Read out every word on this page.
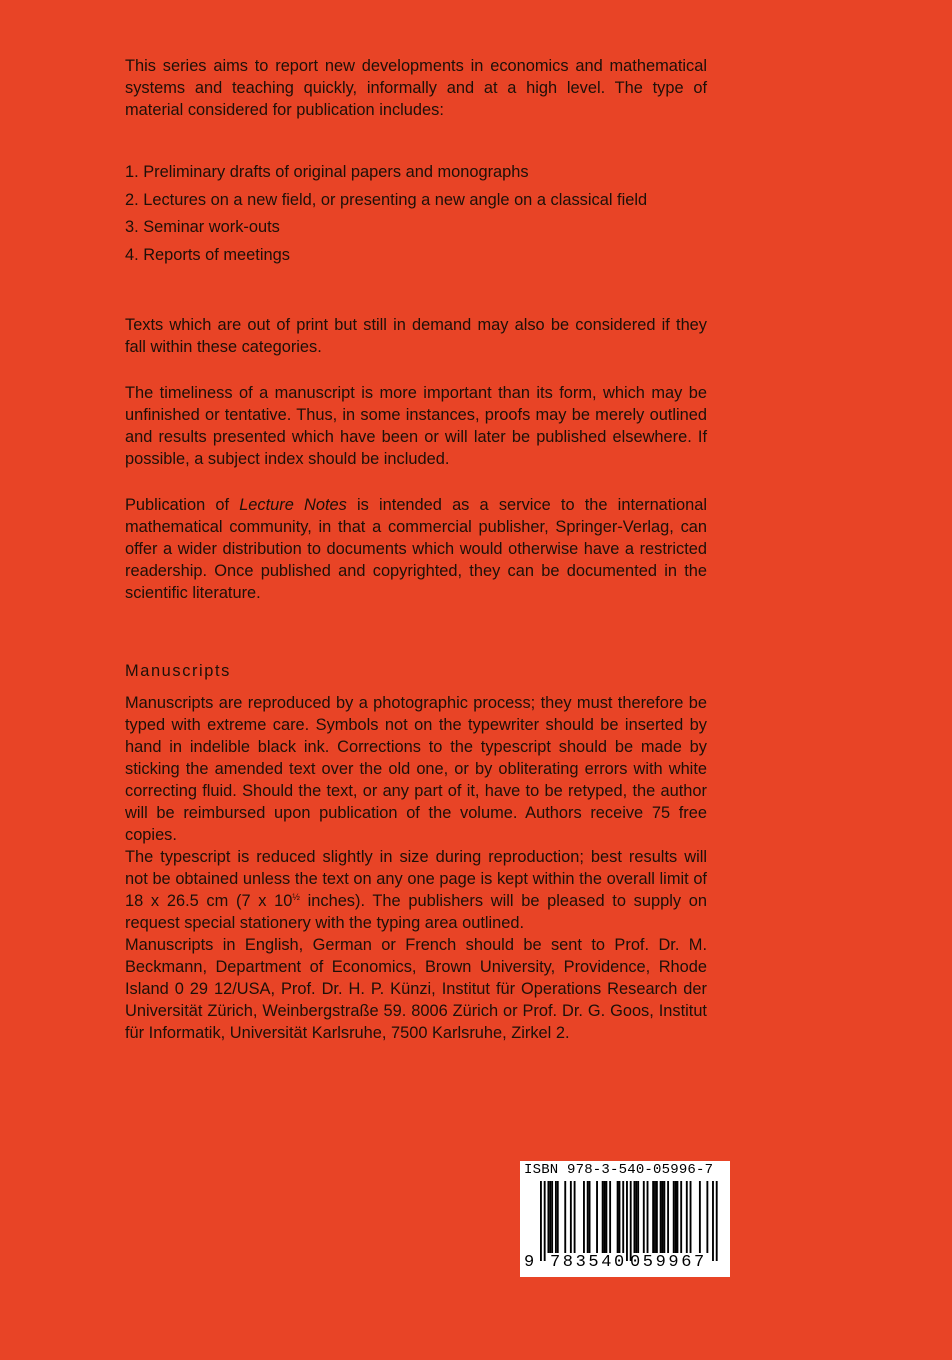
This series aims to report new developments in economics and mathematical systems and teaching quickly, informally and at a high level. The type of material considered for publication includes:

1. Preliminary drafts of original papers and monographs
2. Lectures on a new field, or presenting a new angle on a classical field
3. Seminar work-outs
4. Reports of meetings

Texts which are out of print but still in demand may also be considered if they fall within these categories.

The timeliness of a manuscript is more important than its form, which may be unfinished or tentative. Thus, in some instances, proofs may be merely outlined and results presented which have been or will later be published elsewhere. If possible, a subject index should be included.

Publication of Lecture Notes is intended as a service to the international mathematical community, in that a commercial publisher, Springer-Verlag, can offer a wider distribution to documents which would otherwise have a restricted readership. Once published and copyrighted, they can be documented in the scientific literature.

Manuscripts

Manuscripts are reproduced by a photographic process; they must therefore be typed with extreme care. Symbols not on the typewriter should be inserted by hand in indelible black ink. Corrections to the typescript should be made by sticking the amended text over the old one, or by obliterating errors with white correcting fluid. Should the text, or any part of it, have to be retyped, the author will be reimbursed upon publication of the volume. Authors receive 75 free copies.

The typescript is reduced slightly in size during reproduction; best results will not be obtained unless the text on any one page is kept within the overall limit of 18 x 26.5 cm (7 x $10^{\frac{1}{2}}$ inches). The publishers will be pleased to supply on request special stationery with the typing area outlined.

Manuscripts in English, German or French should be sent to Prof. Dr. M. Beckmann, Department of Economics, Brown University, Providence, Rhode Island 0 29 12/USA, Prof. Dr. H. P. Künzi, Institut für Operations Research der Universität Zürich, Weinbergstraße 59. 8006 Zürich or Prof. Dr. G. Goos, Institut für Informatik, Universität Karlsruhe, 7500 Karlsruhe, Zirkel 2.

ISBN 978-3-540-05996-7
9 783540 059967
